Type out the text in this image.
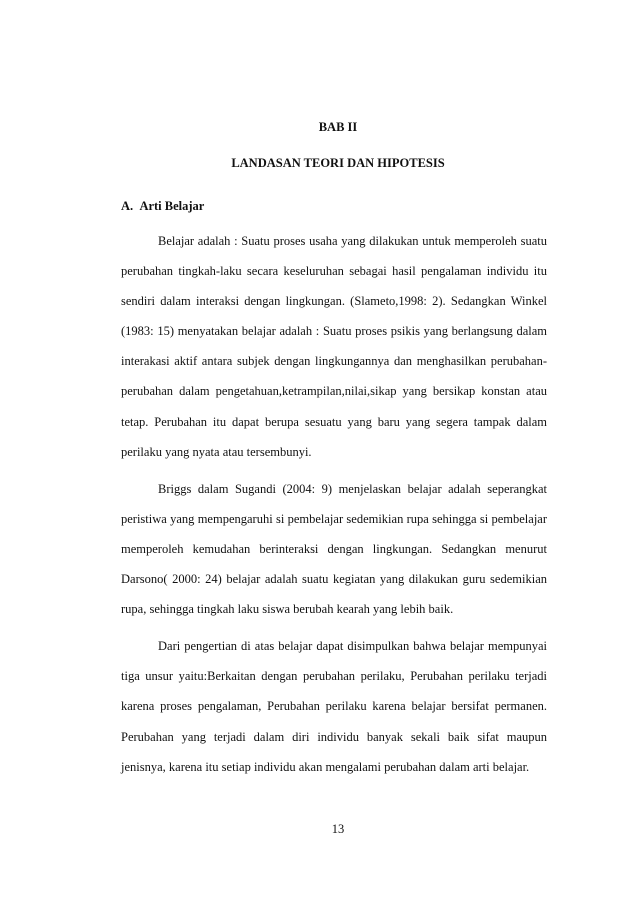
BAB II
LANDASAN TEORI DAN HIPOTESIS
A. Arti Belajar

Belajar adalah : Suatu proses usaha yang dilakukan untuk memperoleh suatu perubahan tingkah-laku secara keseluruhan sebagai hasil pengalaman individu itu sendiri dalam interaksi dengan lingkungan. (Slameto,1998: 2). Sedangkan Winkel (1983: 15) menyatakan belajar adalah : Suatu proses psikis yang berlangsung dalam interakasi aktif antara subjek dengan lingkungannya dan menghasilkan perubahan-perubahan dalam pengetahuan,ketrampilan,nilai,sikap yang bersikap konstan atau tetap. Perubahan itu dapat berupa sesuatu yang baru yang segera tampak dalam perilaku yang nyata atau tersembunyi.

Briggs dalam Sugandi (2004: 9) menjelaskan belajar adalah seperangkat peristiwa yang mempengaruhi si pembelajar sedemikian rupa sehingga si pembelajar memperoleh kemudahan berinteraksi dengan lingkungan. Sedangkan menurut Darsono( 2000: 24) belajar adalah suatu kegiatan yang dilakukan guru sedemikian rupa, sehingga tingkah laku siswa berubah kearah yang lebih baik.

Dari pengertian di atas belajar dapat disimpulkan bahwa belajar mempunyai tiga unsur yaitu:Berkaitan dengan perubahan perilaku, Perubahan perilaku terjadi karena proses pengalaman, Perubahan perilaku karena belajar bersifat permanen. Perubahan yang terjadi dalam diri individu banyak sekali baik sifat maupun jenisnya, karena itu setiap individu akan mengalami perubahan dalam arti belajar.

13
